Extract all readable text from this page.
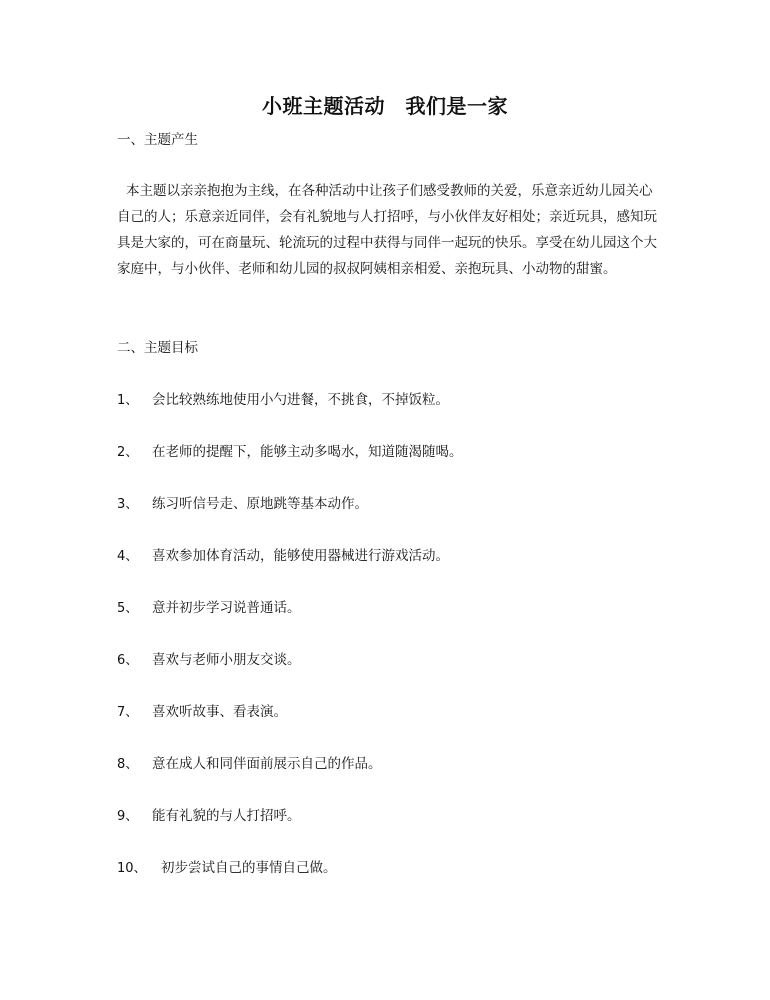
小班主题活动　我们是一家
一、主题产生
本主题以亲亲抱抱为主线，在各种活动中让孩子们感受教师的关爱，乐意亲近幼儿园关心自己的人；乐意亲近同伴，会有礼貌地与人打招呼，与小伙伴友好相处；亲近玩具，感知玩具是大家的，可在商量玩、轮流玩的过程中获得与同伴一起玩的快乐。享受在幼儿园这个大家庭中，与小伙伴、老师和幼儿园的叔叔阿姨相亲相爱、亲抱玩具、小动物的甜蜜。
二、主题目标
1、	会比较熟练地使用小勺进餐，不挑食，不掉饭粒。
2、	在老师的提醒下，能够主动多喝水，知道随渴随喝。
3、	练习听信号走、原地跳等基本动作。
4、	喜欢参加体育活动，能够使用器械进行游戏活动。
5、	意并初步学习说普通话。
6、	喜欢与老师小朋友交谈。
7、	喜欢听故事、看表演。
8、	意在成人和同伴面前展示自己的作品。
9、	能有礼貌的与人打招呼。
10、	初步尝试自己的事情自己做。
